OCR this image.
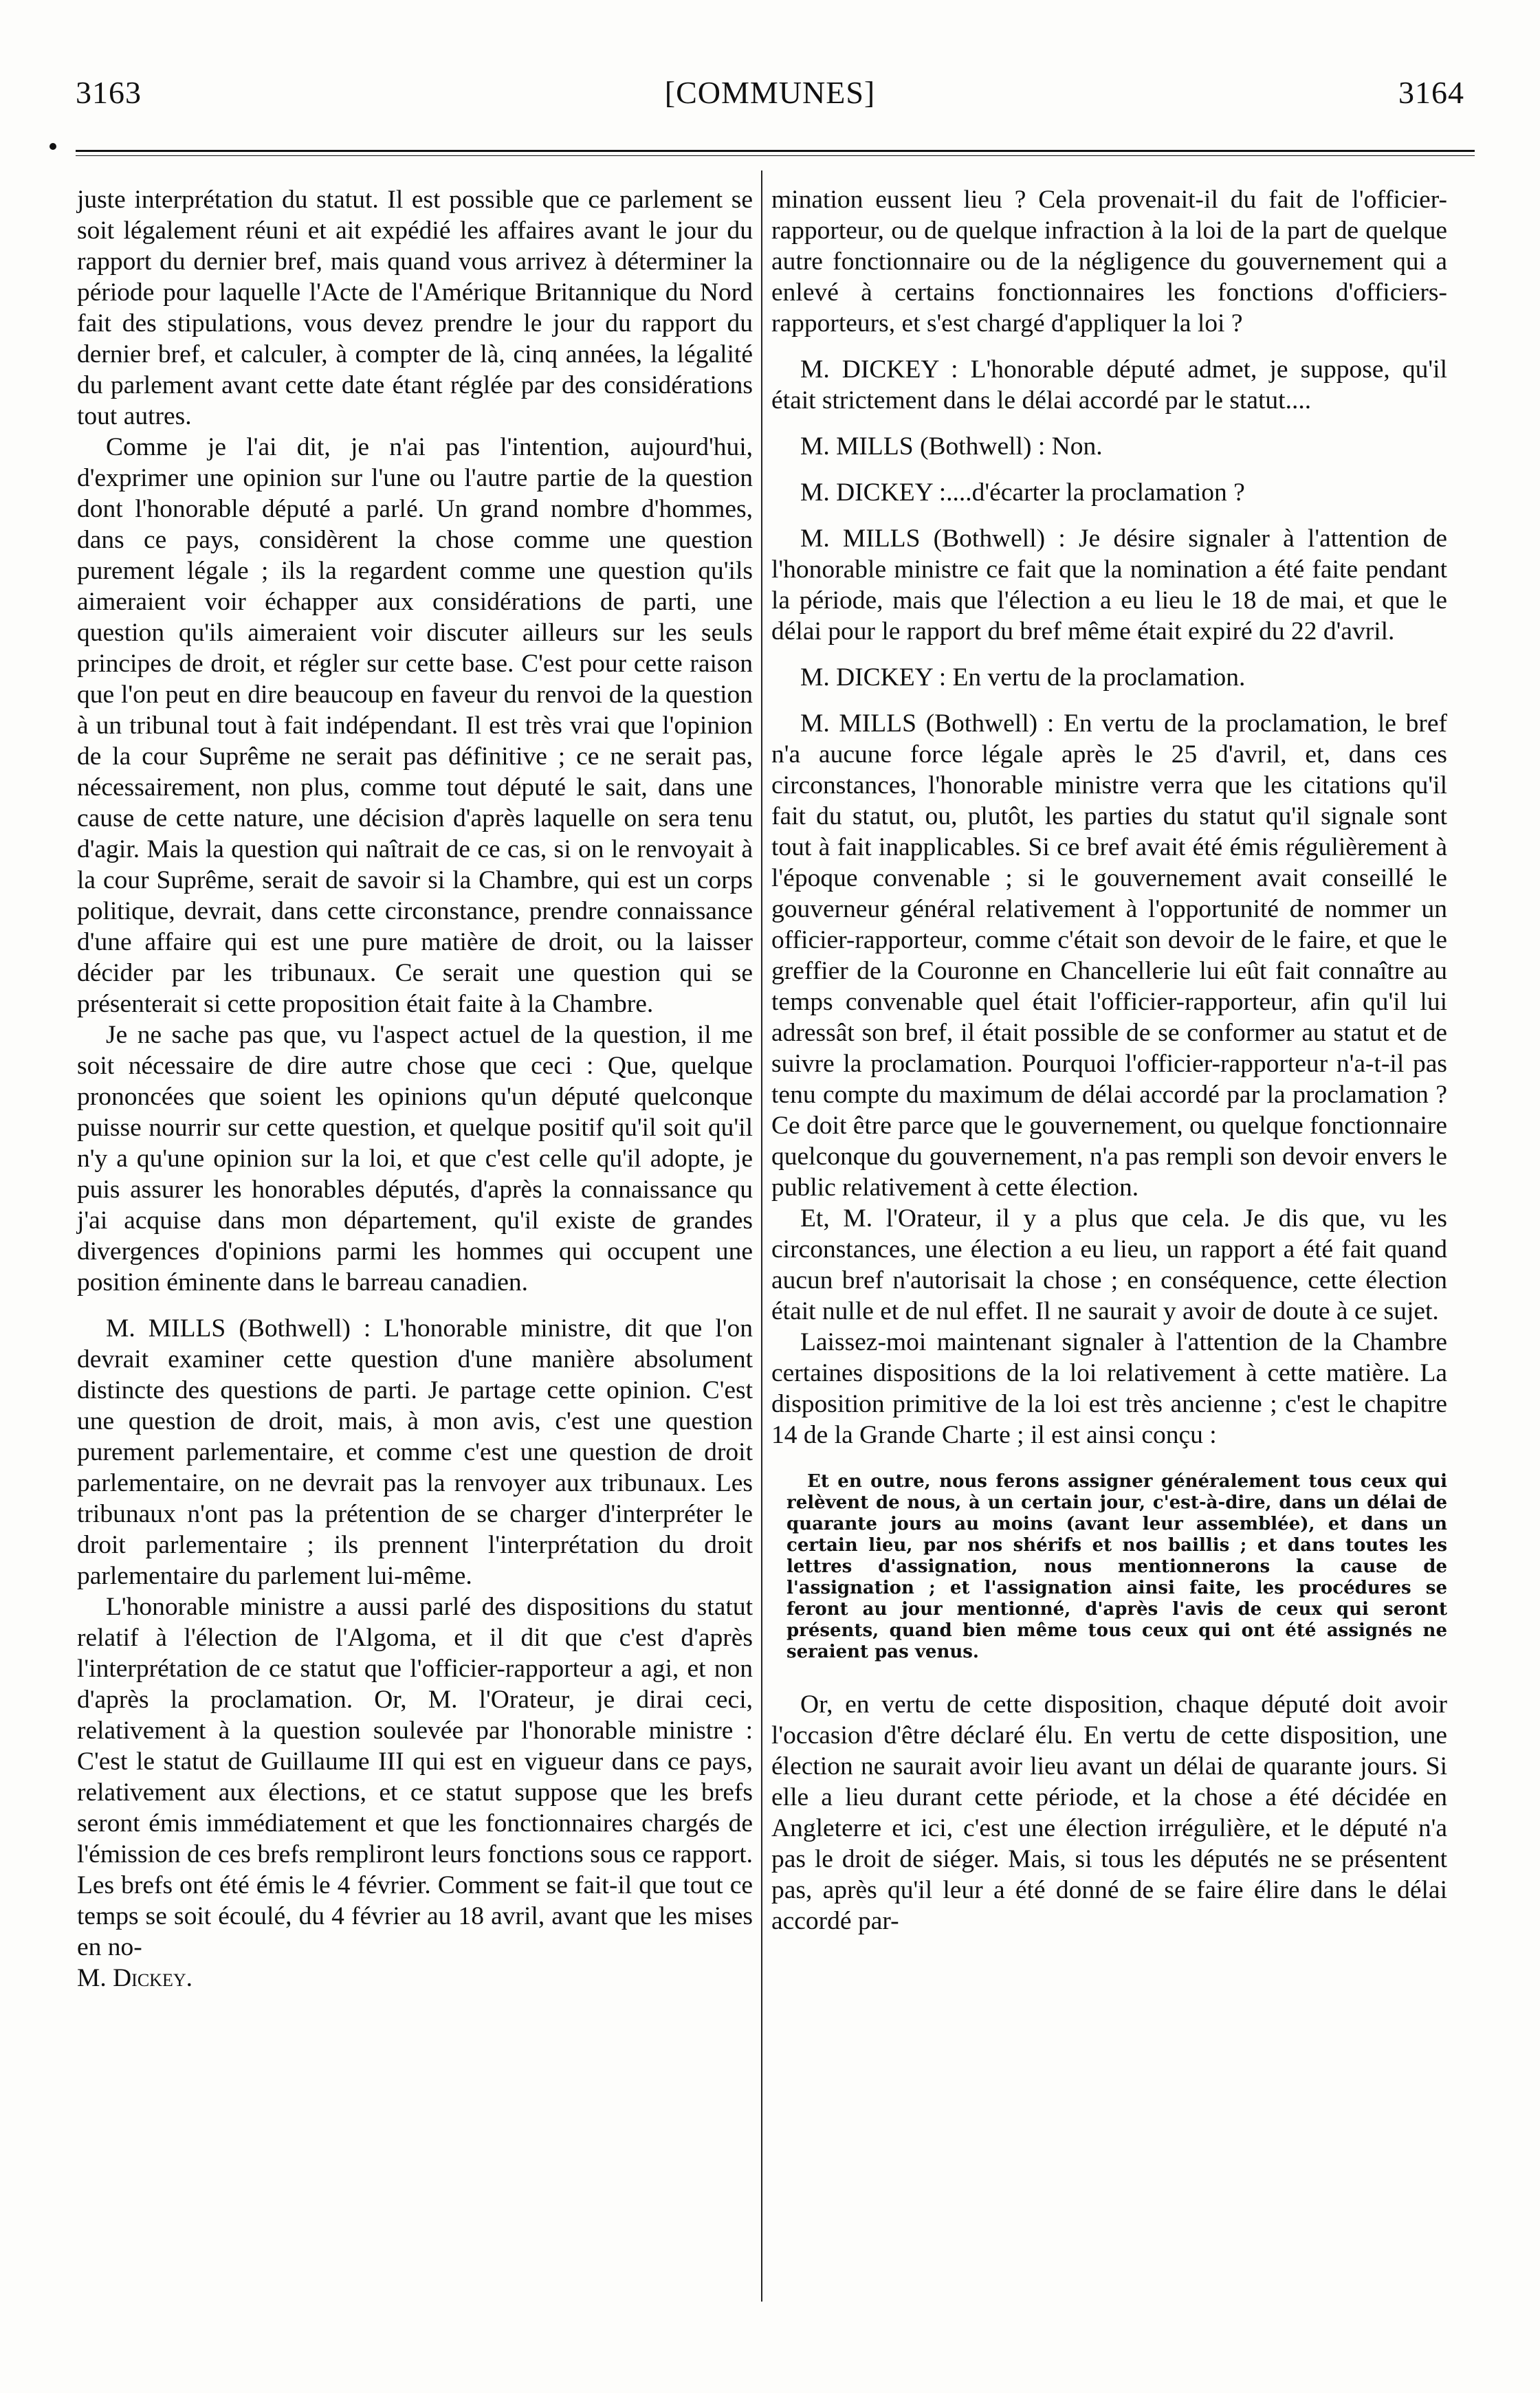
3163	[COMMUNES]	3164

juste interprétation du statut. Il est possible que ce parlement se soit légalement réuni et ait expédié les affaires avant le jour du rapport du dernier bref, mais quand vous arrivez à déterminer la période pour laquelle l'Acte de l'Amérique Britannique du Nord fait des stipulations, vous devez prendre le jour du rapport du dernier bref, et calculer, à compter de là, cinq années, la légalité du parlement avant cette date étant réglée par des considérations tout autres.

Comme je l'ai dit, je n'ai pas l'intention, aujourd'hui, d'exprimer une opinion sur l'une ou l'autre partie de la question dont l'honorable député a parlé. Un grand nombre d'hommes, dans ce pays, considèrent la chose comme une question purement légale ; ils la regardent comme une question qu'ils aimeraient voir échapper aux considérations de parti, une question qu'ils aimeraient voir discuter ailleurs sur les seuls principes de droit, et régler sur cette base. C'est pour cette raison que l'on peut en dire beaucoup en faveur du renvoi de la question à un tribunal tout à fait indépendant. Il est très vrai que l'opinion de la cour Suprême ne serait pas définitive ; ce ne serait pas, nécessairement, non plus, comme tout député le sait, dans une cause de cette nature, une décision d'après laquelle on sera tenu d'agir. Mais la question qui naîtrait de ce cas, si on le renvoyait à la cour Suprême, serait de savoir si la Chambre, qui est un corps politique, devrait, dans cette circonstance, prendre connaissance d'une affaire qui est une pure matière de droit, ou la laisser décider par les tribunaux. Ce serait une question qui se présenterait si cette proposition était faite à la Chambre.

Je ne sache pas que, vu l'aspect actuel de la question, il me soit nécessaire de dire autre chose que ceci : Que, quelque prononcées que soient les opinions qu'un député quelconque puisse nourrir sur cette question, et quelque positif qu'il soit qu'il n'y a qu'une opinion sur la loi, et que c'est celle qu'il adopte, je puis assurer les honorables députés, d'après la connaissance qu j'ai acquise dans mon département, qu'il existe de grandes divergences d'opinions parmi les hommes qui occupent une position éminente dans le barreau canadien.

M. MILLS (Bothwell) : L'honorable ministre, dit que l'on devrait examiner cette question d'une manière absolument distincte des questions de parti. Je partage cette opinion. C'est une question de droit, mais, à mon avis, c'est une question purement parlementaire, et comme c'est une question de droit parlementaire, on ne devrait pas la renvoyer aux tribunaux. Les tribunaux n'ont pas la prétention de se charger d'interpréter le droit parlementaire ; ils prennent l'interprétation du droit parlementaire du parlement lui-même.

L'honorable ministre a aussi parlé des dispositions du statut relatif à l'élection de l'Algoma, et il dit que c'est d'après l'interprétation de ce statut que l'officier-rapporteur a agi, et non d'après la proclamation. Or, M. l'Orateur, je dirai ceci, relativement à la question soulevée par l'honorable ministre : C'est le statut de Guillaume III qui est en vigueur dans ce pays, relativement aux élections, et ce statut suppose que les brefs seront émis immédiatement et que les fonctionnaires chargés de l'émission de ces brefs rempliront leurs fonctions sous ce rapport. Les brefs ont été émis le 4 février. Comment se fait-il que tout ce temps se soit écoulé, du 4 février au 18 avril, avant que les mises en no-

M. Dickey.

mination eussent lieu ? Cela provenait-il du fait de l'officier-rapporteur, ou de quelque infraction à la loi de la part de quelque autre fonctionnaire ou de la négligence du gouvernement qui a enlevé à certains fonctionnaires les fonctions d'officiers-rapporteurs, et s'est chargé d'appliquer la loi ?

M. DICKEY : L'honorable député admet, je suppose, qu'il était strictement dans le délai accordé par le statut....

M. MILLS (Bothwell) : Non.

M. DICKEY :....d'écarter la proclamation ?

M. MILLS (Bothwell) : Je désire signaler à l'attention de l'honorable ministre ce fait que la nomination a été faite pendant la période, mais que l'élection a eu lieu le 18 de mai, et que le délai pour le rapport du bref même était expiré du 22 d'avril.

M. DICKEY : En vertu de la proclamation.

M. MILLS (Bothwell) : En vertu de la proclamation, le bref n'a aucune force légale après le 25 d'avril, et, dans ces circonstances, l'honorable ministre verra que les citations qu'il fait du statut, ou, plutôt, les parties du statut qu'il signale sont tout à fait inapplicables. Si ce bref avait été émis régulièrement à l'époque convenable ; si le gouvernement avait conseillé le gouverneur général relativement à l'opportunité de nommer un officier-rapporteur, comme c'était son devoir de le faire, et que le greffier de la Couronne en Chancellerie lui eût fait connaître au temps convenable quel était l'officier-rapporteur, afin qu'il lui adressât son bref, il était possible de se conformer au statut et de suivre la proclamation. Pourquoi l'officier-rapporteur n'a-t-il pas tenu compte du maximum de délai accordé par la proclamation ? Ce doit être parce que le gouvernement, ou quelque fonctionnaire quelconque du gouvernement, n'a pas rempli son devoir envers le public relativement à cette élection.

Et, M. l'Orateur, il y a plus que cela. Je dis que, vu les circonstances, une élection a eu lieu, un rapport a été fait quand aucun bref n'autorisait la chose ; en conséquence, cette élection était nulle et de nul effet. Il ne saurait y avoir de doute à ce sujet.

Laissez-moi maintenant signaler à l'attention de la Chambre certaines dispositions de la loi relativement à cette matière. La disposition primitive de la loi est très ancienne ; c'est le chapitre 14 de la Grande Charte ; il est ainsi conçu :

Et en outre, nous ferons assigner généralement tous ceux qui relèvent de nous, à un certain jour, c'est-à-dire, dans un délai de quarante jours au moins (avant leur assemblée), et dans un certain lieu, par nos shérifs et nos baillis ; et dans toutes les lettres d'assignation, nous mentionnerons la cause de l'assignation ; et l'assignation ainsi faite, les procédures se feront au jour mentionné, d'après l'avis de ceux qui seront présents, quand bien même tous ceux qui ont été assignés ne seraient pas venus.

Or, en vertu de cette disposition, chaque député doit avoir l'occasion d'être déclaré élu. En vertu de cette disposition, une élection ne saurait avoir lieu avant un délai de quarante jours. Si elle a lieu durant cette période, et la chose a été décidée en Angleterre et ici, c'est une élection irrégulière, et le député n'a pas le droit de siéger. Mais, si tous les députés ne se présentent pas, après qu'il leur a été donné de se faire élire dans le délai accordé par-
